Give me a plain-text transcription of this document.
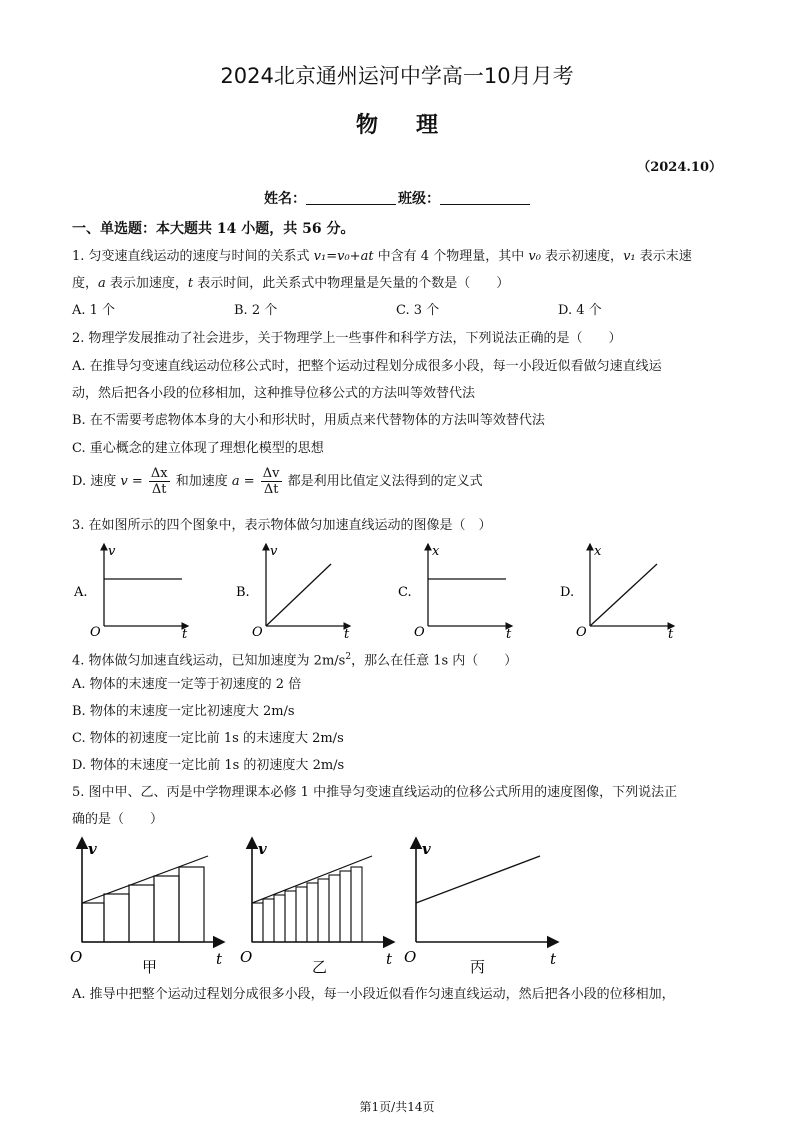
2024北京通州运河中学高一10月月考
物理
（2024.10）
姓名：	班级：
一、单选题：本大题共 14 小题，共 56 分。
1. 匀变速直线运动的速度与时间的关系式 v₁=v₀+at 中含有 4 个物理量，其中 v₀ 表示初速度，v₁ 表示末速
度，a 表示加速度，t 表示时间，此关系式中物理量是矢量的个数是（　　）
A. 1 个	B. 2 个	C. 3 个	D. 4 个
2. 物理学发展推动了社会进步，关于物理学上一些事件和科学方法，下列说法正确的是（　　）
A. 在推导匀变速直线运动位移公式时，把整个运动过程划分成很多小段，每一小段近似看做匀速直线运
动，然后把各小段的位移相加，这种推导位移公式的方法叫等效替代法
B. 在不需要考虑物体本身的大小和形状时，用质点来代替物体的方法叫等效替代法
C. 重心概念的建立体现了理想化模型的思想
D. 速度 $v = \frac{\Delta x}{\Delta t}$ 和加速度 $a = \frac{\Delta v}{\Delta t}$ 都是利用比值定义法得到的定义式
3. 在如图所示的四个图象中，表示物体做匀加速直线运动的图像是（　）
A.
v
O	t
B.
v
O	t
C.
x
O	t
D.
x
O	t
4. 物体做匀加速直线运动，已知加速度为 $2m/s^2$，那么在任意 1s 内（　　）
A. 物体的末速度一定等于初速度的 2 倍
B. 物体的末速度一定比初速度大 2m/s
C. 物体的初速度一定比前 1s 的末速度大 2m/s
D. 物体的末速度一定比前 1s 的初速度大 2m/s
5. 图中甲、乙、丙是中学物理课本必修 1 中推导匀变速直线运动的位移公式所用的速度图像，下列说法正
确的是（　　）
v
O	t
甲
v
O	t
乙
v
O	t
丙
A. 推导中把整个运动过程划分成很多小段，每一小段近似看作匀速直线运动，然后把各小段的位移相加，
第1页/共14页
